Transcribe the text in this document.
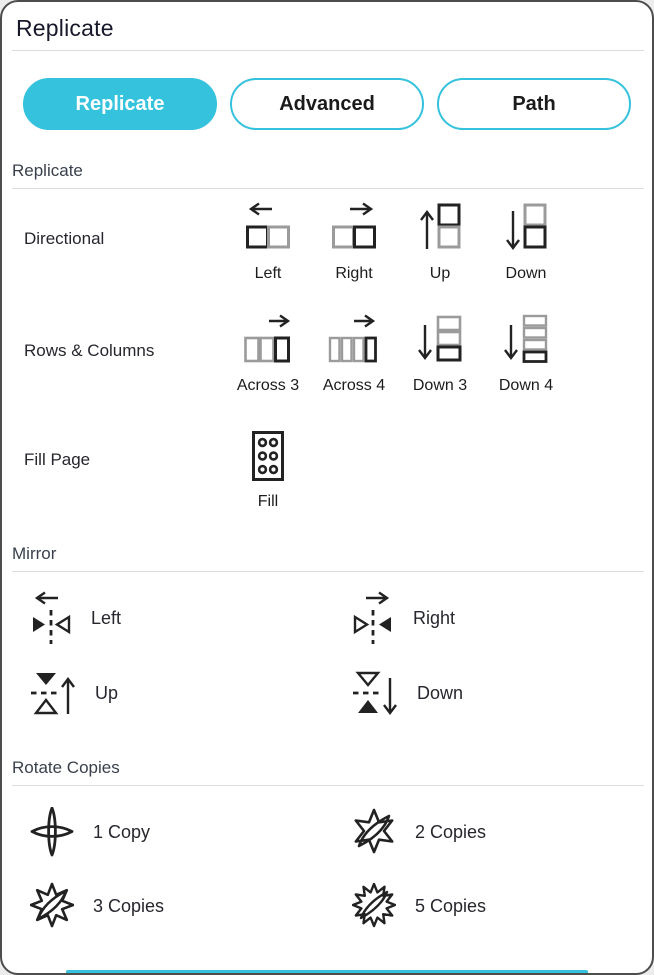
Replicate
Replicate	Advanced	Path
Replicate
Directional
Left	Right	Up	Down
Rows & Columns
Across 3 Across 4 Down 3 Down 4
Fill Page
Fill
Mirror
Left	Right
Up	Down
Rotate Copies
1 Copy	2 Copies
3 Copies	5 Copies
